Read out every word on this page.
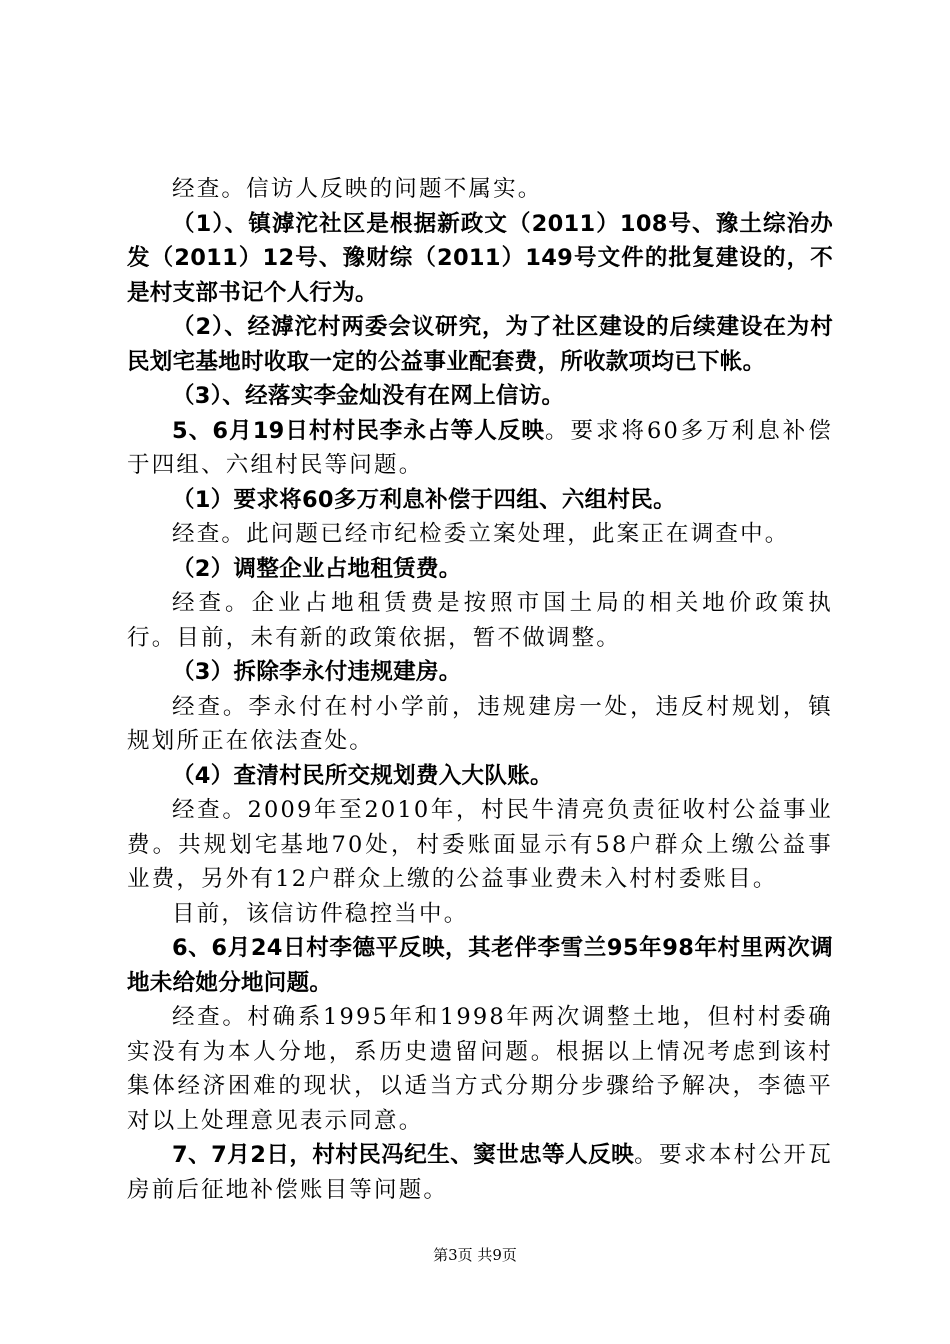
经查。信访人反映的问题不属实。

（1）、镇滹沱社区是根据新政文（2011）108号、豫土综治办发（2011）12号、豫财综（2011）149号文件的批复建设的，不是村支部书记个人行为。

（2）、经滹沱村两委会议研究，为了社区建设的后续建设在为村民划宅基地时收取一定的公益事业配套费，所收款项均已下帐。

（3）、经落实李金灿没有在网上信访。

5、6月19日村村民李永占等人反映。要求将60多万利息补偿于四组、六组村民等问题。

（1）要求将60多万利息补偿于四组、六组村民。

经查。此问题已经市纪检委立案处理，此案正在调查中。

（2）调整企业占地租赁费。

经查。企业占地租赁费是按照市国土局的相关地价政策执行。目前，未有新的政策依据，暂不做调整。

（3）拆除李永付违规建房。

经查。李永付在村小学前，违规建房一处，违反村规划，镇规划所正在依法查处。

（4）查清村民所交规划费入大队账。

经查。2009年至2010年，村民牛清亮负责征收村公益事业费。共规划宅基地70处，村委账面显示有58户群众上缴公益事业费，另外有12户群众上缴的公益事业费未入村村委账目。

目前，该信访件稳控当中。

6、6月24日村李德平反映，其老伴李雪兰95年98年村里两次调地未给她分地问题。

经查。村确系1995年和1998年两次调整土地，但村村委确实没有为本人分地，系历史遗留问题。根据以上情况考虑到该村集体经济困难的现状，以适当方式分期分步骤给予解决，李德平对以上处理意见表示同意。

7、7月2日，村村民冯纪生、窦世忠等人反映。要求本村公开瓦房前后征地补偿账目等问题。

第3页 共9页
